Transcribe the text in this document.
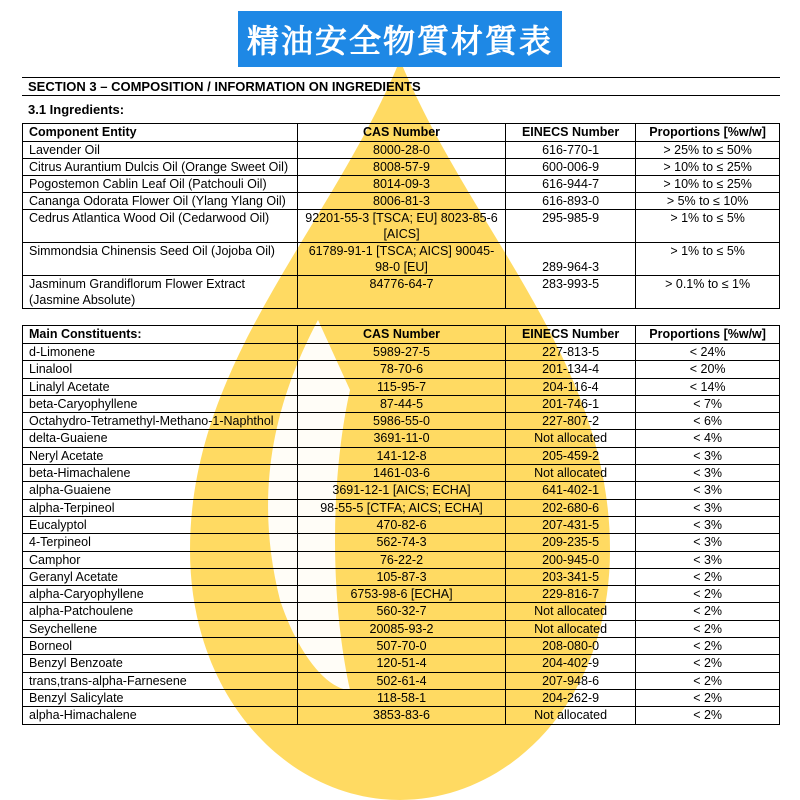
精油安全物質材質表
SECTION 3 – COMPOSITION / INFORMATION ON INGREDIENTS
3.1 Ingredients:
Component Entity	CAS Number	EINECS Number	Proportions [%w/w]
Lavender Oil	8000-28-0	616-770-1	> 25% to ≤ 50%
Citrus Aurantium Dulcis Oil (Orange Sweet Oil)	8008-57-9	600-006-9	> 10% to ≤ 25%
Pogostemon Cablin Leaf Oil (Patchouli Oil)	8014-09-3	616-944-7	> 10% to ≤ 25%
Cananga Odorata Flower Oil (Ylang Ylang Oil)	8006-81-3	616-893-0	> 5% to ≤ 10%
Cedrus Atlantica Wood Oil (Cedarwood Oil)	92201-55-3 [TSCA; EU] 8023-85-6 [AICS]	295-985-9	> 1% to ≤ 5%
Simmondsia Chinensis Seed Oil (Jojoba Oil)	61789-91-1 [TSCA; AICS] 90045-98-0 [EU]	289-964-3	> 1% to ≤ 5%
Jasminum Grandiflorum Flower Extract (Jasmine Absolute)	84776-64-7	283-993-5	> 0.1% to ≤ 1%
Main Constituents:	CAS Number	EINECS Number	Proportions [%w/w]
d-Limonene	5989-27-5	227-813-5	< 24%
Linalool	78-70-6	201-134-4	< 20%
Linalyl Acetate	115-95-7	204-116-4	< 14%
beta-Caryophyllene	87-44-5	201-746-1	< 7%
Octahydro-Tetramethyl-Methano-1-Naphthol	5986-55-0	227-807-2	< 6%
delta-Guaiene	3691-11-0	Not allocated	< 4%
Neryl Acetate	141-12-8	205-459-2	< 3%
beta-Himachalene	1461-03-6	Not allocated	< 3%
alpha-Guaiene	3691-12-1 [AICS; ECHA]	641-402-1	< 3%
alpha-Terpineol	98-55-5 [CTFA; AICS; ECHA]	202-680-6	< 3%
Eucalyptol	470-82-6	207-431-5	< 3%
4-Terpineol	562-74-3	209-235-5	< 3%
Camphor	76-22-2	200-945-0	< 3%
Geranyl Acetate	105-87-3	203-341-5	< 2%
alpha-Caryophyllene	6753-98-6 [ECHA]	229-816-7	< 2%
alpha-Patchoulene	560-32-7	Not allocated	< 2%
Seychellene	20085-93-2	Not allocated	< 2%
Borneol	507-70-0	208-080-0	< 2%
Benzyl Benzoate	120-51-4	204-402-9	< 2%
trans,trans-alpha-Farnesene	502-61-4	207-948-6	< 2%
Benzyl Salicylate	118-58-1	204-262-9	< 2%
alpha-Himachalene	3853-83-6	Not allocated	< 2%
